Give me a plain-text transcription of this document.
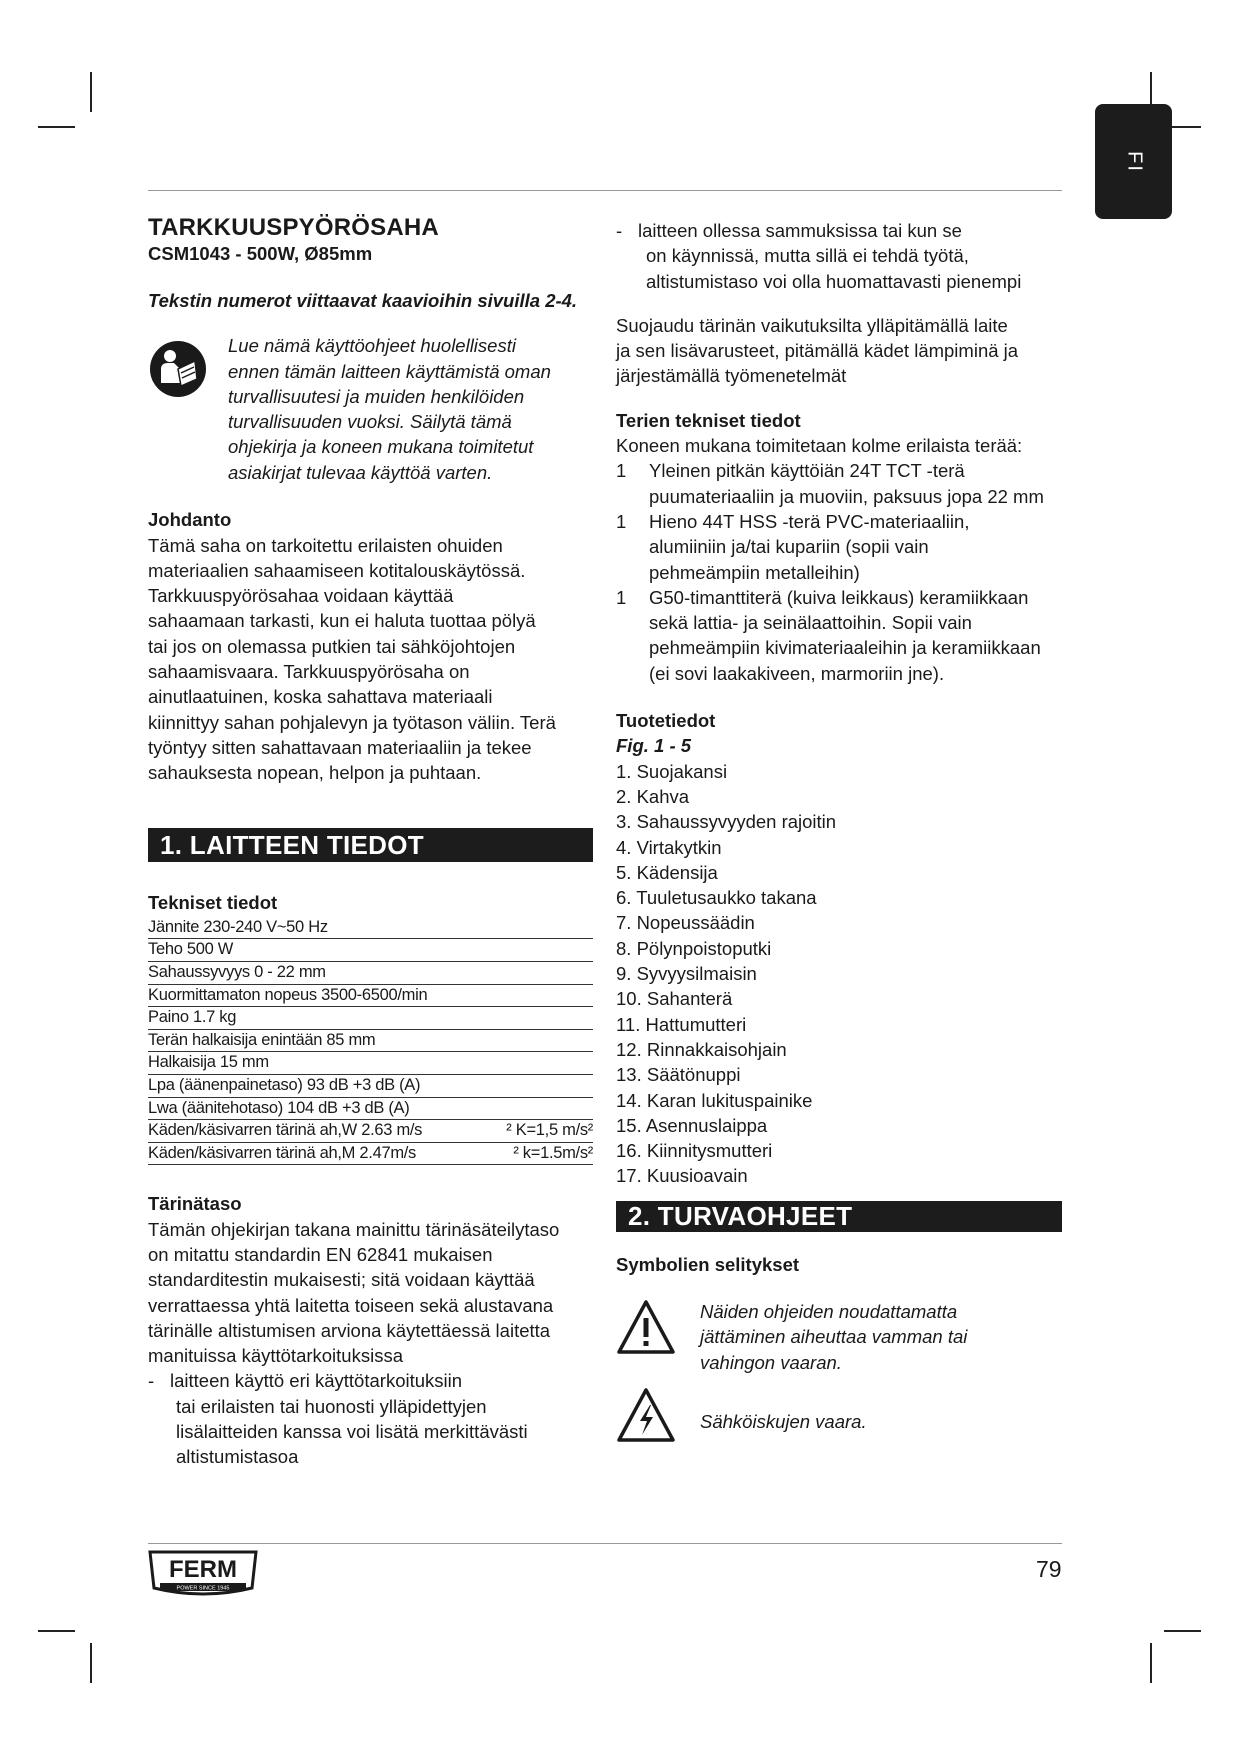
FI
TARKKUUSPYÖRÖSAHA
CSM1043 - 500W, Ø85mm
Tekstin numerot viittaavat kaavioihin sivuilla 2-4.
Lue nämä käyttöohjeet huolellisesti
ennen tämän laitteen käyttämistä oman
turvallisuutesi ja muiden henkilöiden
turvallisuuden vuoksi. Säilytä tämä
ohjekirja ja koneen mukana toimitetut
asiakirjat tulevaa käyttöä varten.
Johdanto
Tämä saha on tarkoitettu erilaisten ohuiden
materiaalien sahaamiseen kotitalouskäytössä.
Tarkkuuspyörösahaa voidaan käyttää
sahaamaan tarkasti, kun ei haluta tuottaa pölyä
tai jos on olemassa putkien tai sähköjohtojen
sahaamisvaara. Tarkkuuspyörösaha on
ainutlaatuinen, koska sahattava materiaali
kiinnittyy sahan pohjalevyn ja työtason väliin. Terä
työntyy sitten sahattavaan materiaaliin ja tekee
sahauksesta nopean, helpon ja puhtaan.
1. LAITTEEN TIEDOT
Tekniset tiedot
Jännite 230-240 V~50 Hz
Teho 500 W
Sahaussyvyys 0 - 22 mm
Kuormittamaton nopeus 3500-6500/min
Paino 1.7 kg
Terän halkaisija enintään 85 mm
Halkaisija 15 mm
Lpa (äänenpainetaso) 93 dB +3 dB (A)
Lwa (äänitehotaso) 104 dB +3 dB (A)
Käden/käsivarren tärinä ah,W 2.63 m/s	² K=1,5 m/s²
Käden/käsivarren tärinä ah,M 2.47m/s	² k=1.5m/s²
Tärinätaso
Tämän ohjekirjan takana mainittu tärinäsäteilytaso
on mitattu standardin EN 62841 mukaisen
standarditestin mukaisesti; sitä voidaan käyttää
verrattaessa yhtä laitetta toiseen sekä alustavana
tärinälle altistumisen arviona käytettäessä laitetta
manituissa käyttötarkoituksissa
- laitteen käyttö eri käyttötarkoituksiin
tai erilaisten tai huonosti ylläpidettyjen
lisälaitteiden kanssa voi lisätä merkittävästi
altistumistasoa
- laitteen ollessa sammuksissa tai kun se
on käynnissä, mutta sillä ei tehdä työtä,
altistumistaso voi olla huomattavasti pienempi
Suojaudu tärinän vaikutuksilta ylläpitämällä laite
ja sen lisävarusteet, pitämällä kädet lämpiminä ja
järjestämällä työmenetelmät
Terien tekniset tiedot
Koneen mukana toimitetaan kolme erilaista terää:
1 Yleinen pitkän käyttöiän 24T TCT -terä
puumateriaaliin ja muoviin, paksuus jopa 22 mm
1 Hieno 44T HSS -terä PVC-materiaaliin,
alumiiniin ja/tai kupariin (sopii vain
pehmeämpiin metalleihin)
1 G50-timanttiterä (kuiva leikkaus) keramiikkaan
sekä lattia- ja seinälaattoihin. Sopii vain
pehmeämpiin kivimateriaaleihin ja keramiikkaan
(ei sovi laakakiveen, marmoriin jne).
Tuotetiedot
Fig. 1 - 5
1. Suojakansi
2. Kahva
3. Sahaussyvyyden rajoitin
4. Virtakytkin
5. Kädensija
6. Tuuletusaukko takana
7. Nopeussäädin
8. Pölynpoistoputki
9. Syvyysilmaisin
10. Sahanterä
11. Hattumutteri
12. Rinnakkaisohjain
13. Säätönuppi
14. Karan lukituspainike
15. Asennuslaippa
16. Kiinnitysmutteri
17. Kuusioavain
2. TURVAOHJEET
Symbolien selitykset
Näiden ohjeiden noudattamatta
jättäminen aiheuttaa vamman tai
vahingon vaaran.
Sähköiskujen vaara.
FERM
POWER SINCE 1945
79
